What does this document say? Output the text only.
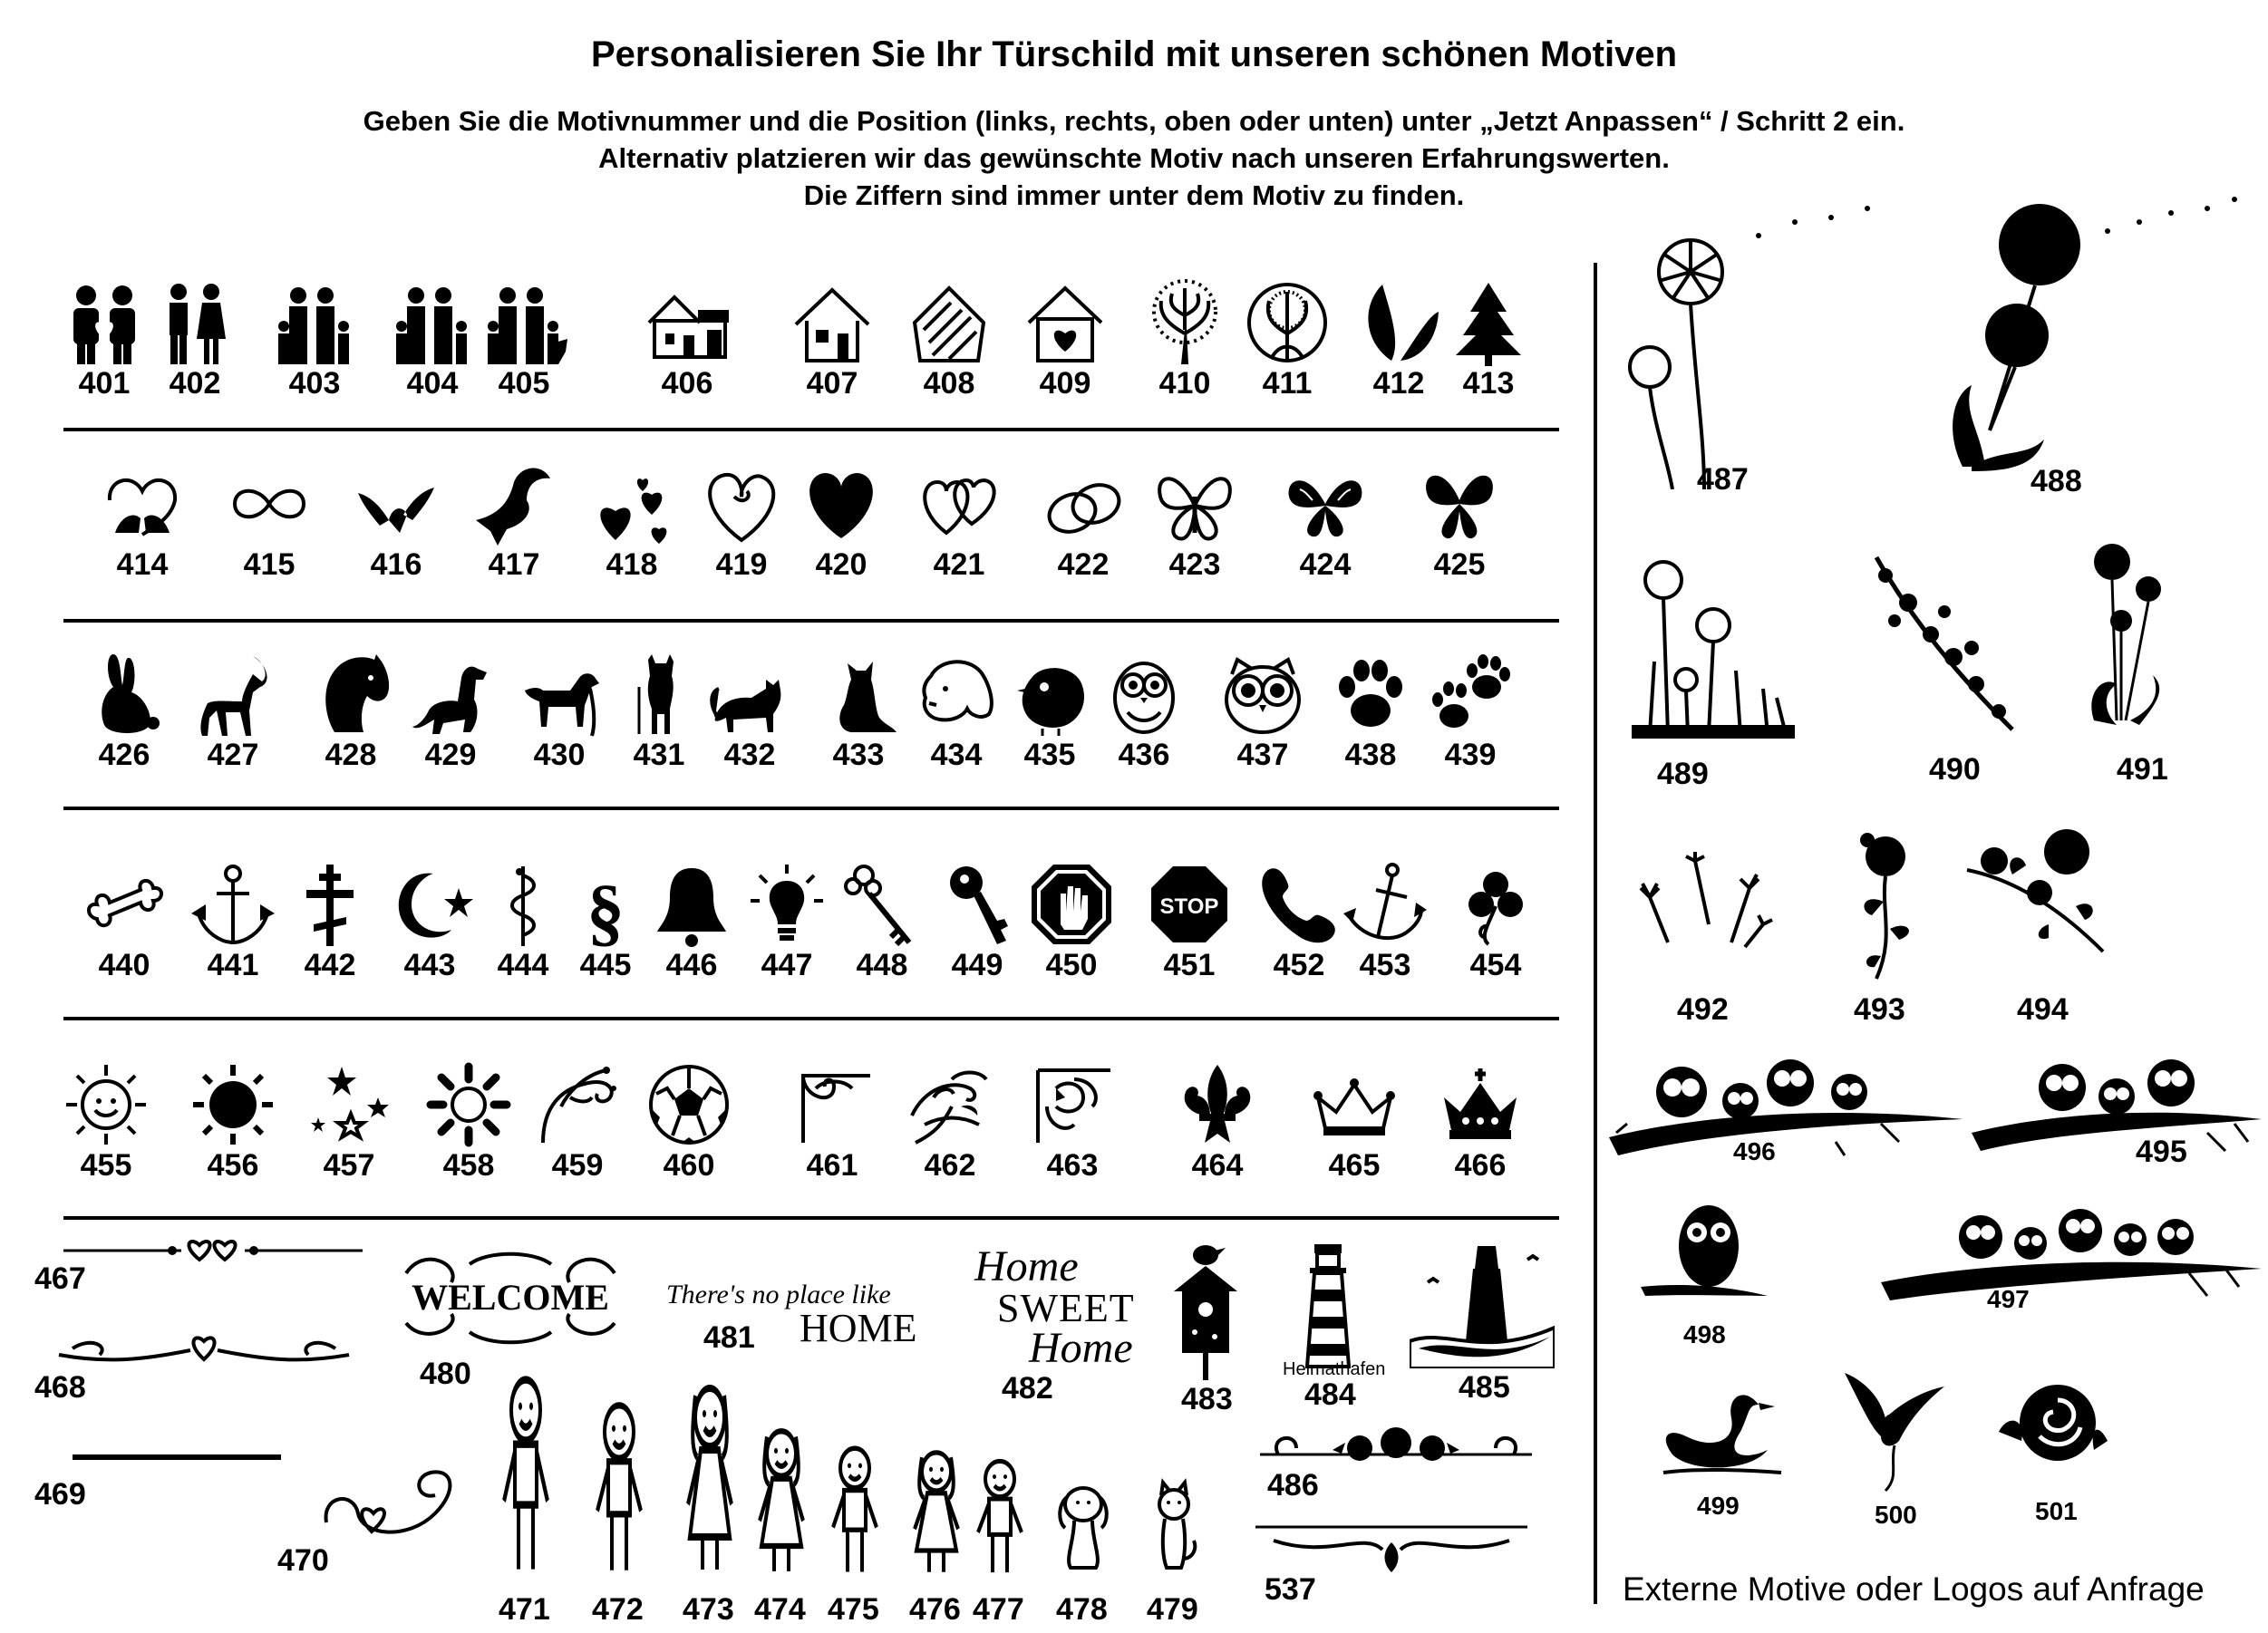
Personalisieren Sie Ihr Türschild mit unseren schönen Motiven
Geben Sie die Motivnummer und die Position (links, rechts, oben oder unten) unter „Jetzt Anpassen“ / Schritt 2 ein.
Alternativ platzieren wir das gewünschte Motiv nach unseren Erfahrungswerten.
Die Ziffern sind immer unter dem Motiv zu finden.
401	402	403	404	405	406	407	408	409	410	411	412	413
414	415	416	417	418	419	420	421	422	423	424	425
426	427	428	429	430	431	432	433	434	435	436	437	438	439
440	441	442	443	444
§
445	446	447	448	449	450
STOP
451	452	453	454
455	456	457	458	459	460	461	462	463	464	465	466
467
468
469
470
471 472 473 474 475 476 477 478 479
WELCOME
480
There's no place like
HOME
481
Home
SWEET
Home
482	483
Heimathafen
484	485
486
537
487	488
489	490	491
492	493	494
496	495
498
497
499	500	501
Externe Motive oder Logos auf Anfrage
